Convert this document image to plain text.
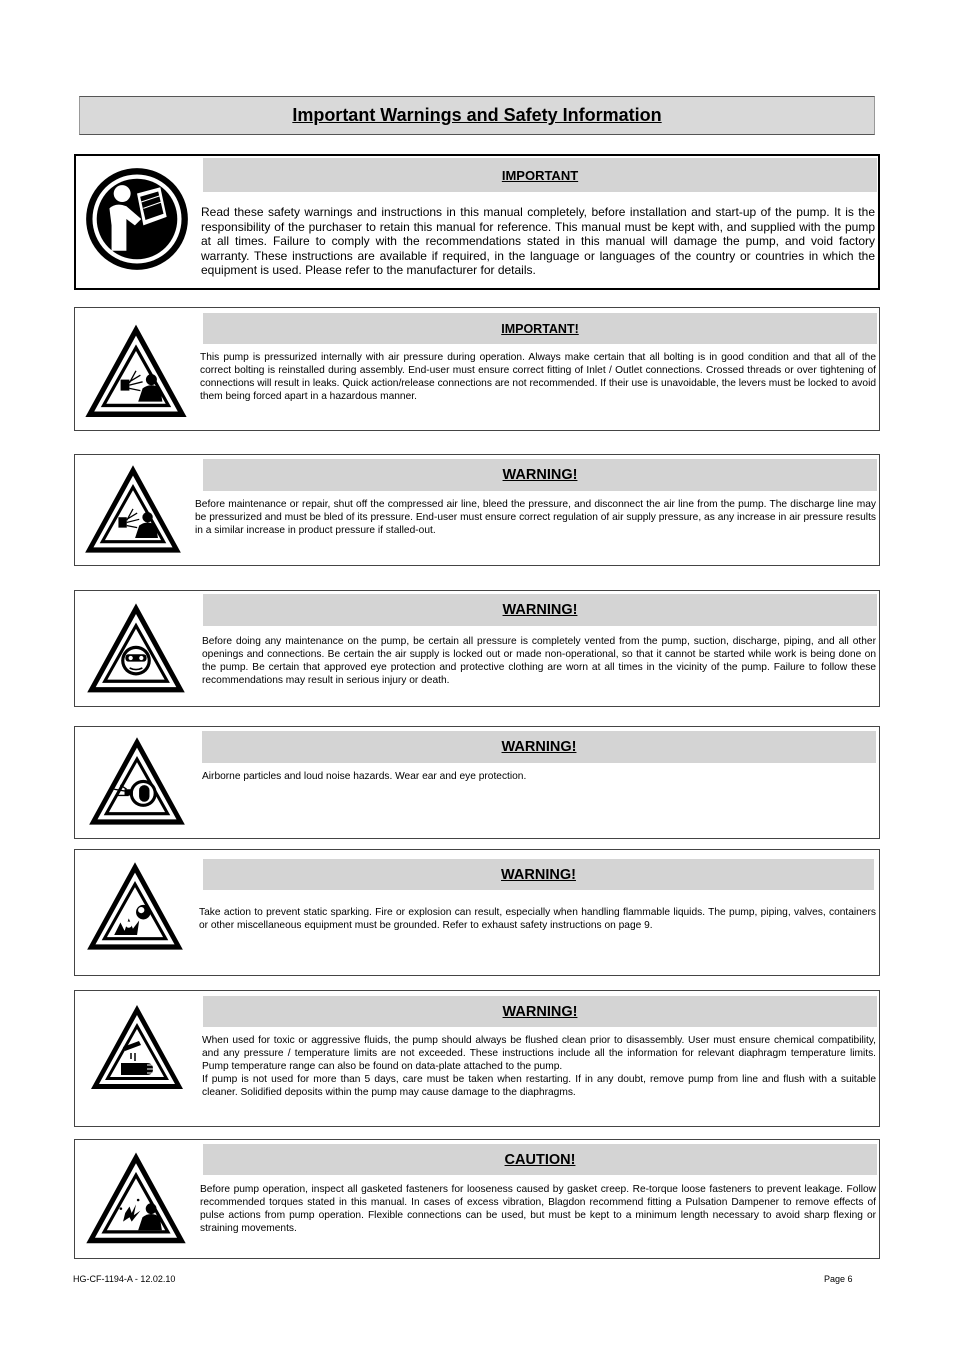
Important Warnings and Safety Information
IMPORTANT
Read these safety warnings and instructions in this manual completely, before installation and start-up of the pump. It is the responsibility of the purchaser to retain this manual for reference. This manual must be kept with, and supplied with the pump at all times. Failure to comply with the recommendations stated in this manual will damage the pump, and void factory warranty. These instructions are available if required, in the language or languages of the country or countries in which the equipment is used. Please refer to the manufacturer for details.
IMPORTANT!
This pump is pressurized internally with air pressure during operation. Always make certain that all bolting is in good condition and that all of the correct bolting is reinstalled during assembly. End-user must ensure correct fitting of Inlet / Outlet connections. Crossed threads or over tightening of connections will result in leaks. Quick action/release connections are not recommended. If their use is unavoidable, the levers must be locked to avoid them being forced apart in a hazardous manner.
WARNING!
Before maintenance or repair, shut off the compressed air line, bleed the pressure, and disconnect the air line from the pump. The discharge line may be pressurized and must be bled of its pressure. End-user must ensure correct regulation of air supply pressure, as any increase in air pressure results in a similar increase in product pressure if stalled-out.
WARNING!
Before doing any maintenance on the pump, be certain all pressure is completely vented from the pump, suction, discharge, piping, and all other openings and connections. Be certain the air supply is locked out or made non-operational, so that it cannot be started while work is being done on the pump. Be certain that approved eye protection and protective clothing are worn at all times in the vicinity of the pump. Failure to follow these recommendations may result in serious injury or death.
WARNING!
Airborne particles and loud noise hazards. Wear ear and eye protection.
WARNING!
Take action to prevent static sparking. Fire or explosion can result, especially when handling flammable liquids. The pump, piping, valves, containers or other miscellaneous equipment must be grounded. Refer to exhaust safety instructions on page 9.
WARNING!
When used for toxic or aggressive fluids, the pump should always be flushed clean prior to disassembly. User must ensure chemical compatibility, and any pressure / temperature limits are not exceeded. These instructions include all the information for relevant diaphragm temperature limits. Pump temperature range can also be found on data-plate attached to the pump.
If pump is not used for more than 5 days, care must be taken when restarting. If in any doubt, remove pump from line and flush with a suitable cleaner. Solidified deposits within the pump may cause damage to the diaphragms.
CAUTION!
Before pump operation, inspect all gasketed fasteners for looseness caused by gasket creep. Re-torque loose fasteners to prevent leakage. Follow recommended torques stated in this manual. In cases of excess vibration, Blagdon recommend fitting a Pulsation Dampener to remove effects of pulse actions from pump operation. Flexible connections can be used, but must be kept to a minimum length necessary to avoid sharp flexing or straining movements.
HG-CF-1194-A - 12.02.10	Page 6
